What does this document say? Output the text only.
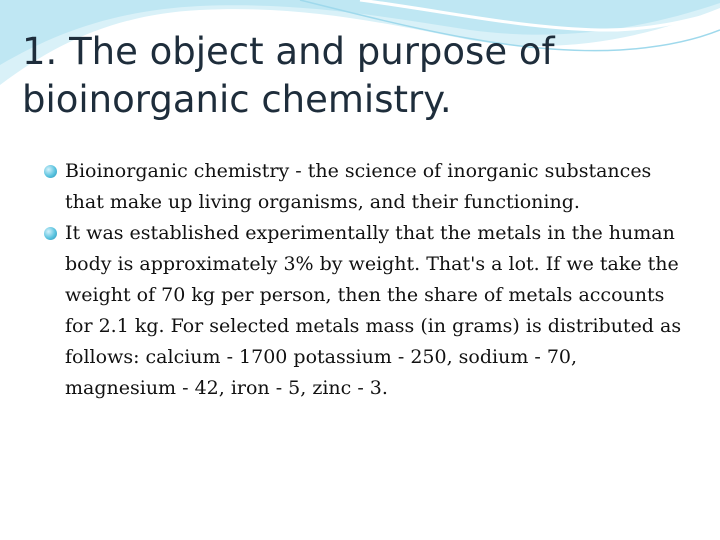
1. The object and purpose of bioinorganic chemistry.
Bioinorganic chemistry - the science of inorganic substances that make up living organisms, and their functioning.
It was established experimentally that the metals in the human body is approximately 3% by weight. That's a lot. If we take the weight of 70 kg per person, then the share of metals accounts for 2.1 kg. For selected metals mass (in grams) is distributed as follows: calcium - 1700 potassium - 250, sodium - 70, magnesium - 42, iron - 5, zinc - 3.
